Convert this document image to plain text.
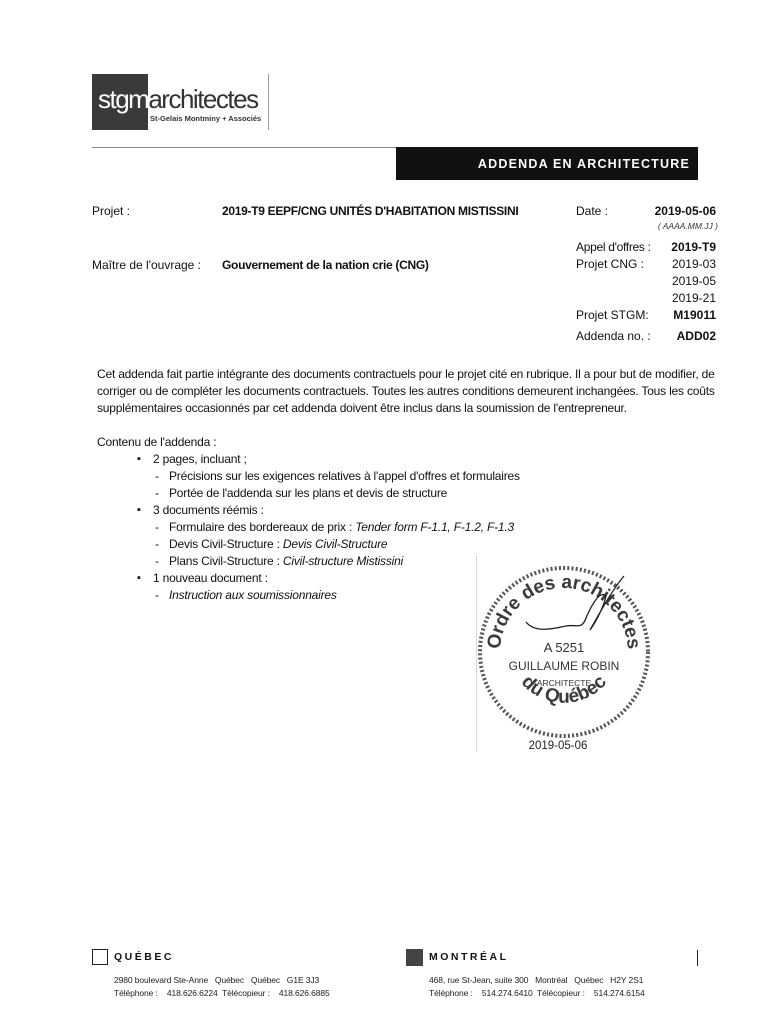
stgmarchitectes
St-Gelais Montminy + Associés
ADDENDA EN ARCHITECTURE
Projet :	2019-T9 EEPF/CNG UNITÉS D'HABITATION MISTISSINI
Maître de l'ouvrage : Gouvernement de la nation crie (CNG)
Date :	2019-05-06
( AAAA.MM.JJ )
Appel d'offres :	2019-T9
Projet CNG :	2019-03
2019-05
2019-21
Projet STGM:	M19011
Addenda no. :	ADD02
Cet addenda fait partie intégrante des documents contractuels pour le projet cité en rubrique. Il a pour but de modifier, de corriger ou de compléter les documents contractuels. Toutes les autres conditions demeurent inchangées. Tous les coûts supplémentaires occasionnés par cet addenda doivent être inclus dans la soumission de l'entrepreneur.
Contenu de l'addenda :
▪ 2 pages, incluant ;
- Précisions sur les exigences relatives à l'appel d'offres et formulaires
- Portée de l'addenda sur les plans et devis de structure
▪ 3 documents réémis :
- Formulaire des bordereaux de prix : Tender form F-1.1, F-1.2, F-1.3
- Devis Civil-Structure : Devis Civil-Structure
- Plans Civil-Structure : Civil-structure Mistissini
▪ 1 nouveau document :
- Instruction aux soumissionnaires
Ordre des architectes
du Québec
A 5251
GUILLAUME ROBIN
ARCHITECTE
2019-05-06
QUÉBEC
2980 boulevard Ste-Anne   Québec   Québec   G1E 3J3
Téléphone :    418.626.6224  Télécopieur :    418.626.6885
MONTRÉAL
468, rue St-Jean, suite 300   Montréal   Québec   H2Y 2S1
Téléphone :    514.274.6410  Télécopieur :    514.274.6154
